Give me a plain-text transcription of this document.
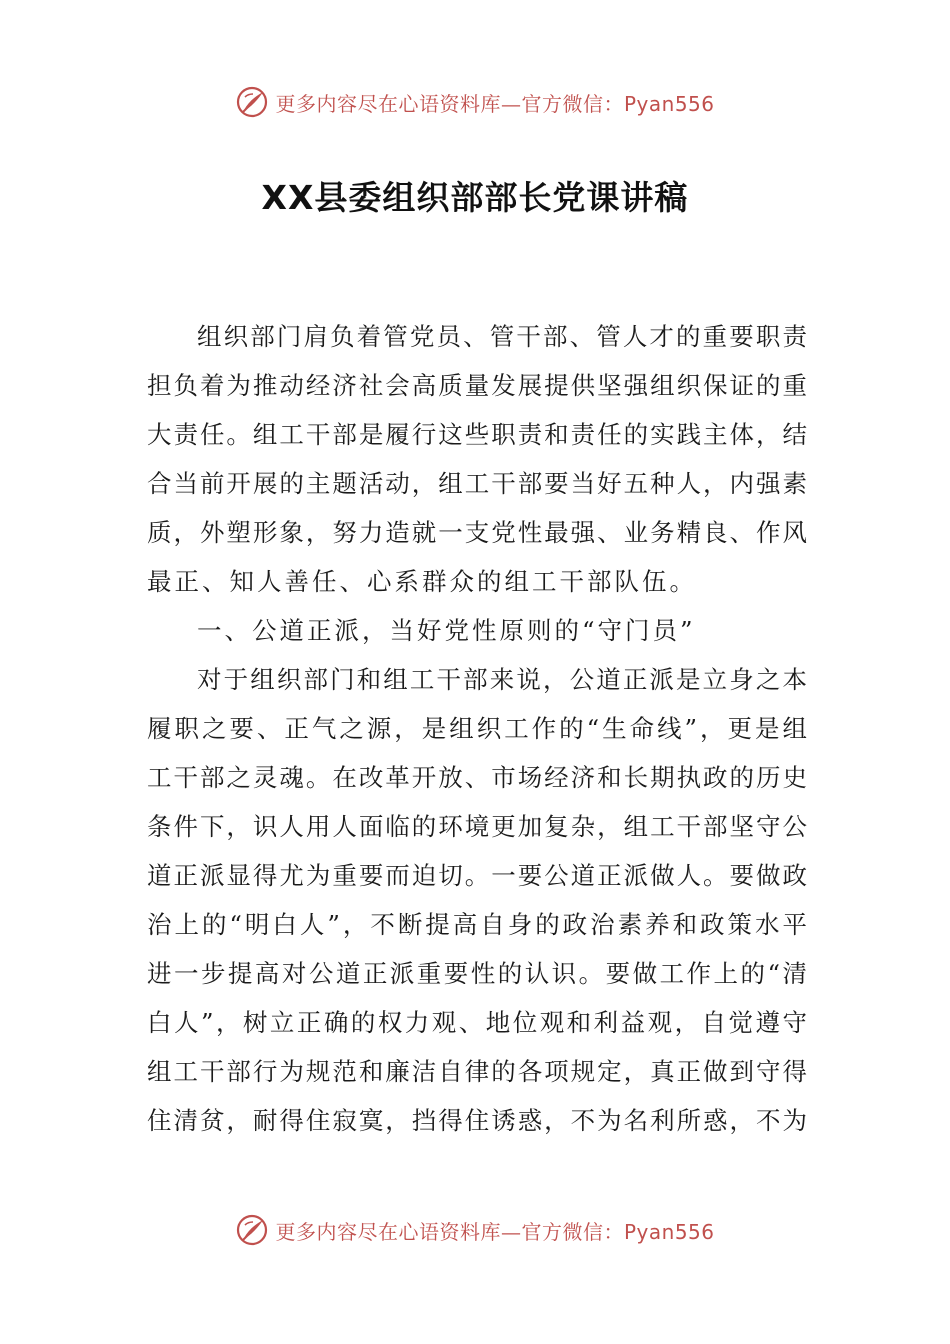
更多内容尽在心语资料库—官方微信：Pyan556
XX县委组织部部长党课讲稿
组织部门肩负着管党员、管干部、管人才的重要职责
担负着为推动经济社会高质量发展提供坚强组织保证的重
大责任。组工干部是履行这些职责和责任的实践主体，结
合当前开展的主题活动，组工干部要当好五种人，内强素
质，外塑形象，努力造就一支党性最强、业务精良、作风
最正、知人善任、心系群众的组工干部队伍。
一、公道正派，当好党性原则的“守门员”
对于组织部门和组工干部来说，公道正派是立身之本
履职之要、正气之源，是组织工作的“生命线”，更是组
工干部之灵魂。在改革开放、市场经济和长期执政的历史
条件下，识人用人面临的环境更加复杂，组工干部坚守公
道正派显得尤为重要而迫切。一要公道正派做人。要做政
治上的“明白人”，不断提高自身的政治素养和政策水平
进一步提高对公道正派重要性的认识。要做工作上的“清
白人”，树立正确的权力观、地位观和利益观，自觉遵守
组工干部行为规范和廉洁自律的各项规定，真正做到守得
住清贫，耐得住寂寞，挡得住诱惑，不为名利所惑，不为
更多内容尽在心语资料库—官方微信：Pyan556
